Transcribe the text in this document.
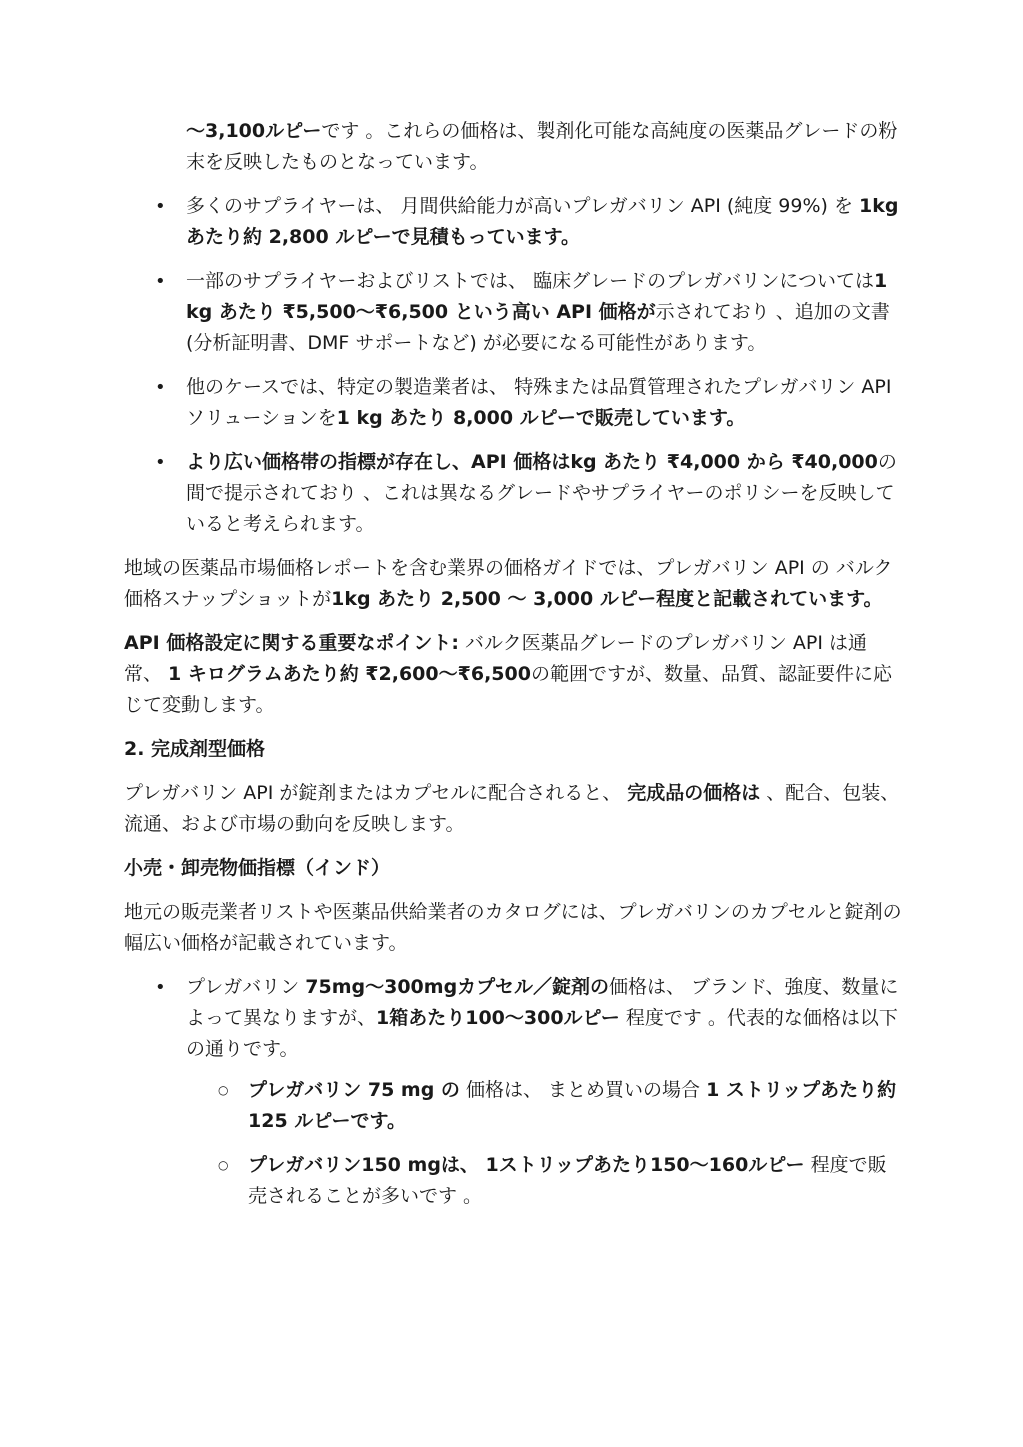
〜3,100ルピーです 。これらの価格は、製剤化可能な高純度の医薬品グレードの粉末を反映したものとなっています。
• 多くのサプライヤーは、 月間供給能力が高いプレガバリン API (純度 99%) を 1kg あたり約 2,800 ルピーで見積もっています。
• 一部のサプライヤーおよびリストでは、 臨床グレードのプレガバリンについては1 kg あたり ₹5,500〜₹6,500 という高い API 価格が示されており 、追加の文書 (分析証明書、DMF サポートなど) が必要になる可能性があります。
• 他のケースでは、特定の製造業者は、 特殊または品質管理されたプレガバリン API ソリューションを1 kg あたり 8,000 ルピーで販売しています。
• より広い価格帯の指標が存在し、API 価格はkg あたり ₹4,000 から ₹40,000の間で提示されており 、これは異なるグレードやサプライヤーのポリシーを反映していると考えられます。

地域の医薬品市場価格レポートを含む業界の価格ガイドでは、プレガバリン API の バルク価格スナップショットが1kg あたり 2,500 〜 3,000 ルピー程度と記載されています。

API 価格設定に関する重要なポイント: バルク医薬品グレードのプレガバリン API は通常、 1 キログラムあたり約 ₹2,600〜₹6,500の範囲ですが、数量、品質、認証要件に応じて変動します。

2. 完成剤型価格

プレガバリン API が錠剤またはカプセルに配合されると、 完成品の価格は 、配合、包装、流通、および市場の動向を反映します。

小売・卸売物価指標（インド）

地元の販売業者リストや医薬品供給業者のカタログには、プレガバリンのカプセルと錠剤の幅広い価格が記載されています。

• プレガバリン 75mg〜300mgカプセル／錠剤の価格は、 ブランド、強度、数量によって異なりますが、1箱あたり100〜300ルピー 程度です 。代表的な価格は以下の通りです。
○ プレガバリン 75 mg の 価格は、 まとめ買いの場合 1 ストリップあたり約 125 ルピーです。
○ プレガバリン150 mgは、 1ストリップあたり150〜160ルピー 程度で販売されることが多いです 。
